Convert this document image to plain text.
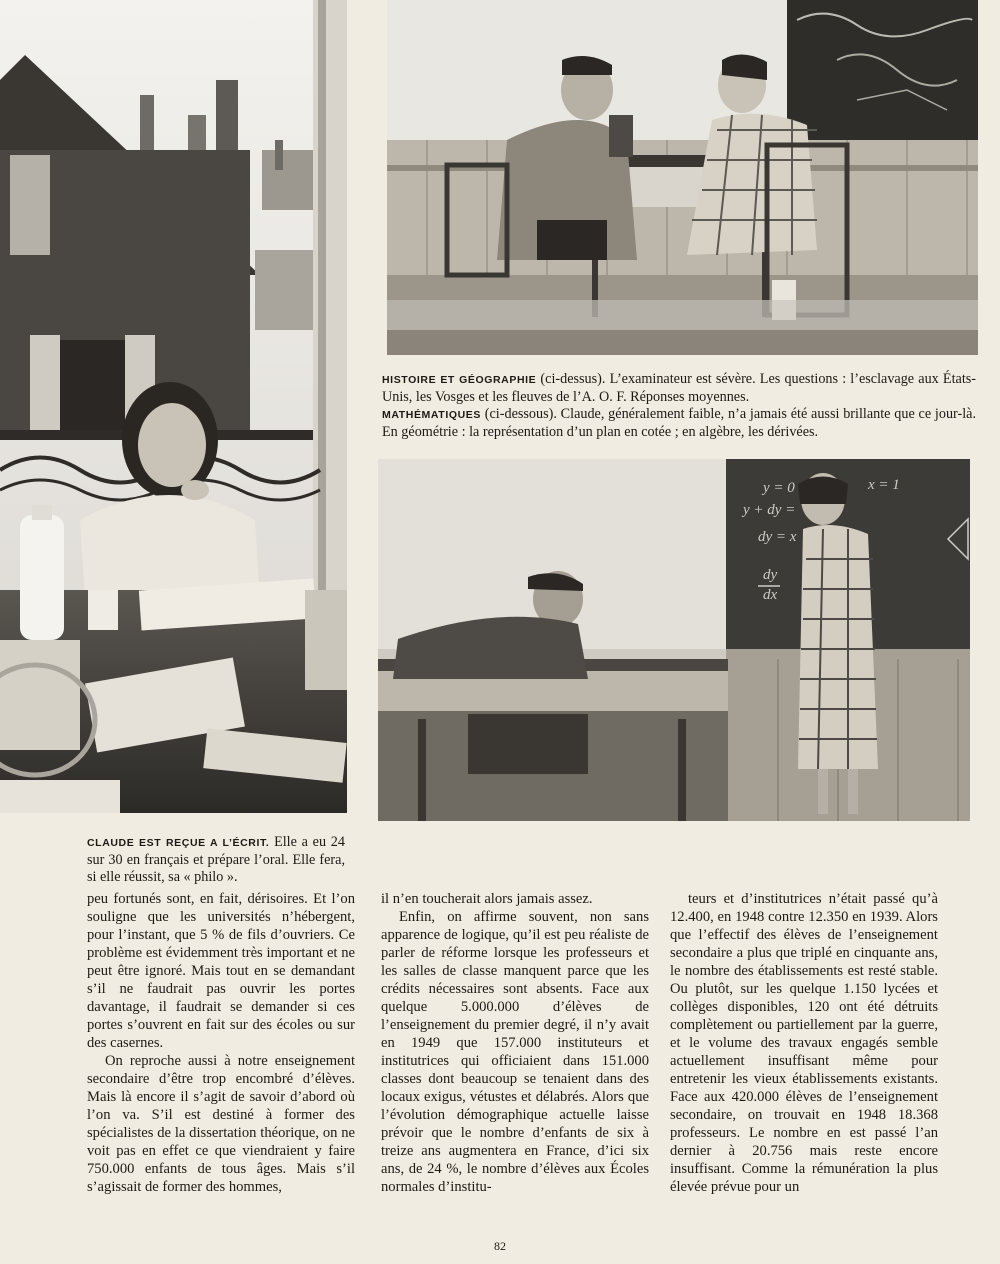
HISTOIRE ET GÉOGRAPHIE (ci-dessus). L’examinateur est sévère. Les questions : l’esclavage aux États-Unis, les Vosges et les fleuves de l’A. O. F. Réponses moyennes.
MATHÉMATIQUES (ci-dessous). Claude, généralement faible, n’a jamais été aussi brillante que ce jour-là. En géométrie : la représentation d’un plan en cotée ; en algèbre, les dérivées.
x = 1
y = 0
y + dy =
dy = x
dy
dx
CLAUDE EST REÇUE A L’ÉCRIT. Elle a eu 24 sur 30 en français et prépare l’oral. Elle fera, si elle réussit, sa « philo ».

peu fortunés sont, en fait, dérisoires. Et l’on souligne que les universités n’hébergent, pour l’instant, que 5 % de fils d’ouvriers. Ce problème est évidemment très important et ne peut être ignoré. Mais tout en se demandant s’il ne faudrait pas ouvrir les portes davantage, il faudrait se demander si ces portes s’ouvrent en fait sur des écoles ou sur des casernes.

On reproche aussi à notre enseignement secondaire d’être trop encombré d’élèves. Mais là encore il s’agit de savoir d’abord où l’on va. S’il est destiné à former des spécialistes de la dissertation théorique, on ne voit pas en effet ce que viendraient y faire 750.000 enfants de tous âges. Mais s’il s’agissait de former des hommes,

il n’en toucherait alors jamais assez.

Enfin, on affirme souvent, non sans apparence de logique, qu’il est peu réaliste de parler de réforme lorsque les professeurs et les salles de classe manquent parce que les crédits nécessaires sont absents. Face aux quelque 5.000.000 d’élèves de l’enseignement du premier degré, il n’y avait en 1949 que 157.000 instituteurs et institutrices qui officiaient dans 151.000 classes dont beaucoup se tenaient dans des locaux exigus, vétustes et délabrés. Alors que l’évolution démographique actuelle laisse prévoir que le nombre d’enfants de six à treize ans augmentera en France, d’ici six ans, de 24 %, le nombre d’élèves aux Écoles normales d’institu-

teurs et d’institutrices n’était passé qu’à 12.400, en 1948 contre 12.350 en 1939. Alors que l’effectif des élèves de l’enseignement secondaire a plus que triplé en cinquante ans, le nombre des établissements est resté stable. Ou plutôt, sur les quelque 1.150 lycées et collèges disponibles, 120 ont été détruits complètement ou partiellement par la guerre, et le volume des travaux engagés semble actuellement insuffisant même pour entretenir les vieux établissements existants. Face aux 420.000 élèves de l’enseignement secondaire, on trouvait en 1948 18.368 professeurs. Le nombre en est passé l’an dernier à 20.756 mais reste encore insuffisant. Comme la rémunération la plus élevée prévue pour un

82
